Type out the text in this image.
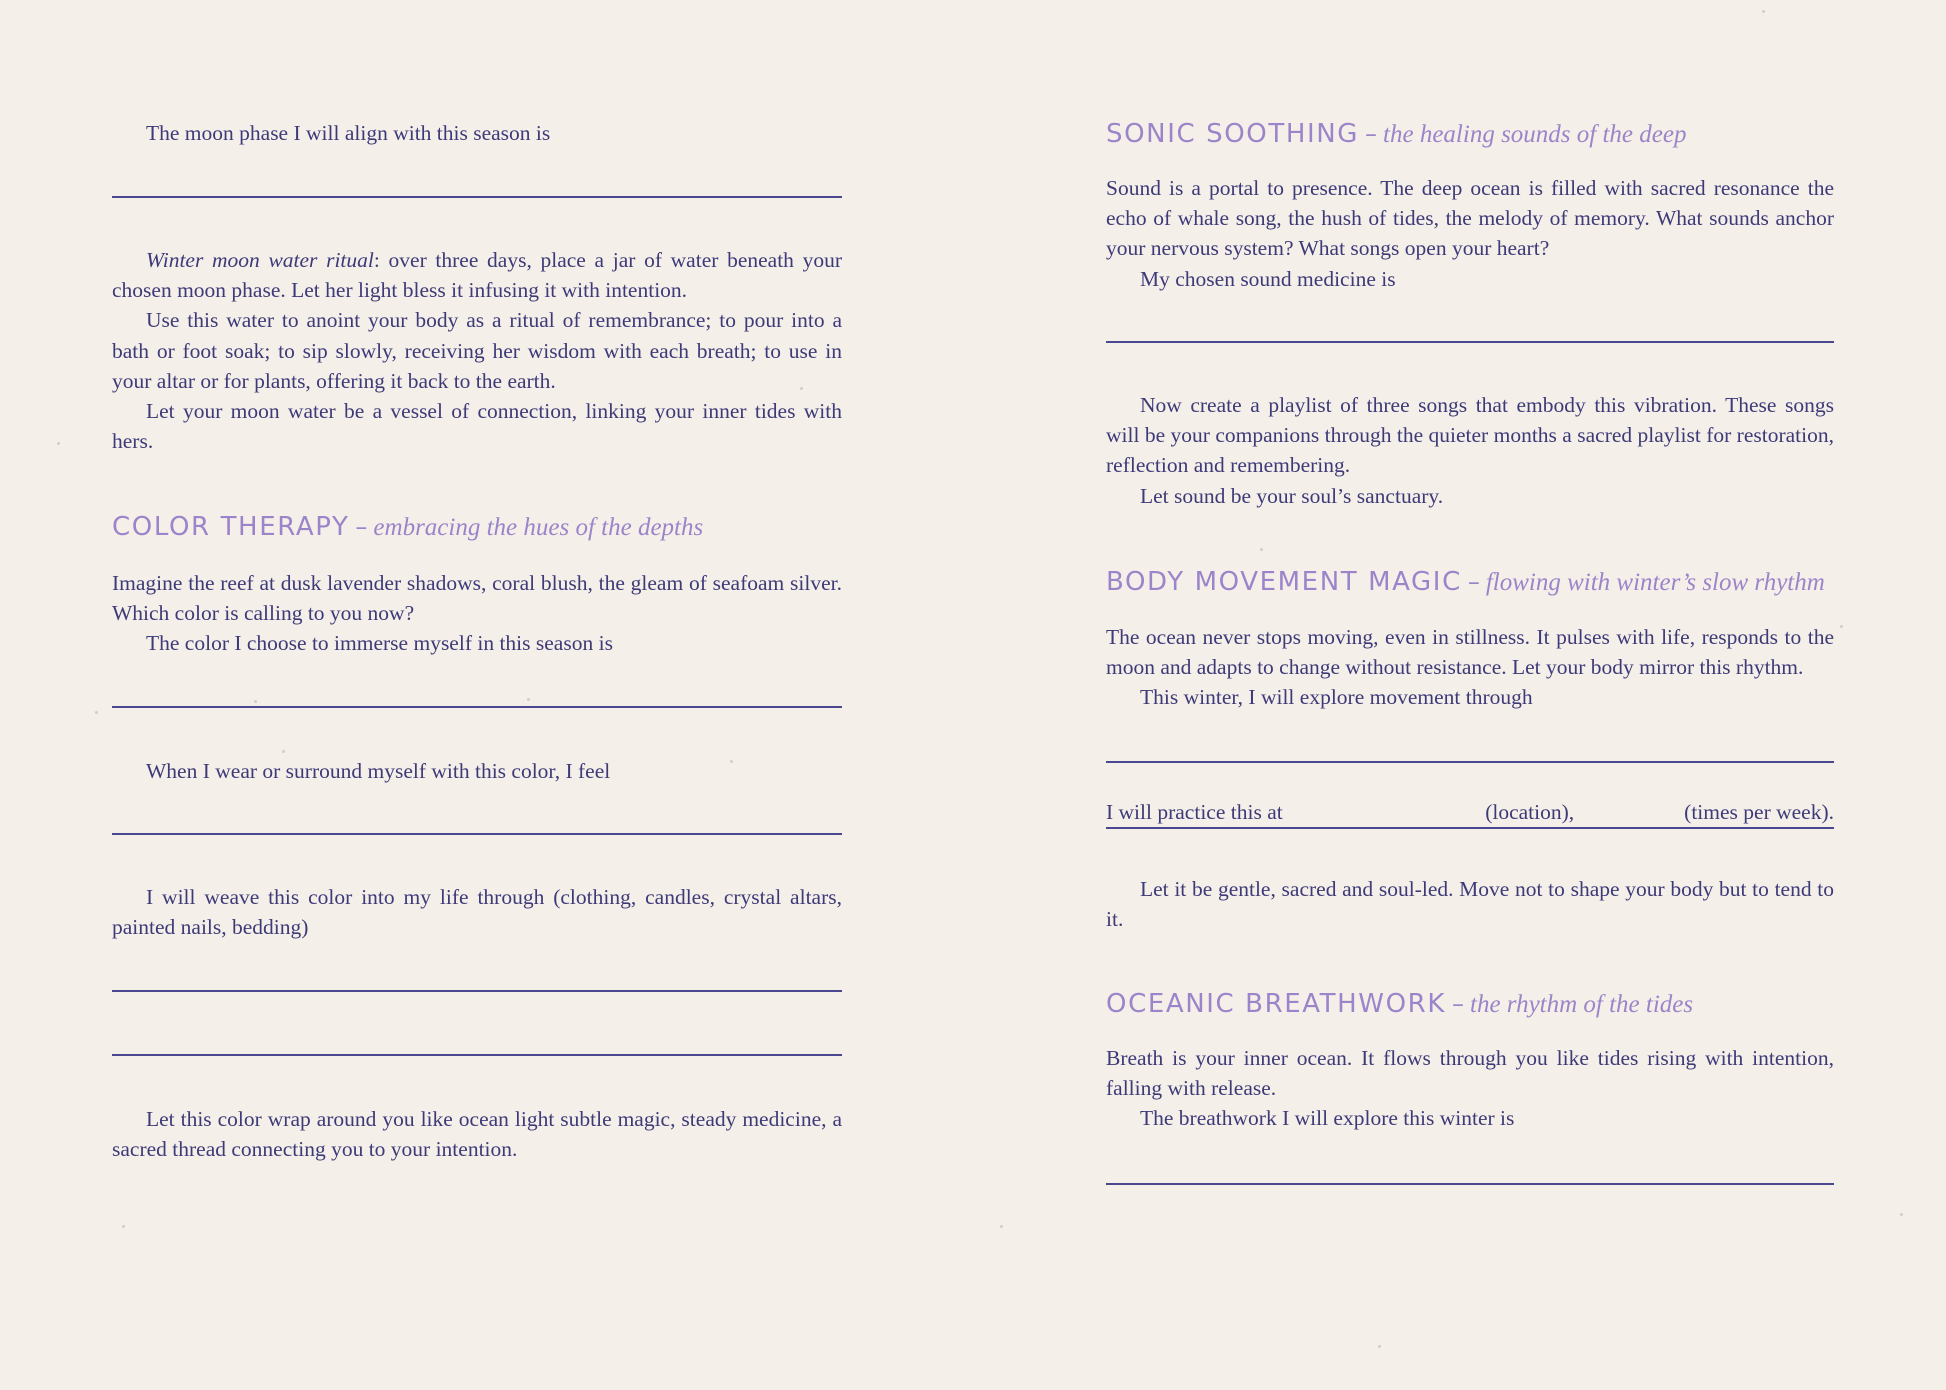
The moon phase I will align with this season is

Winter moon water ritual: over three days, place a jar of water beneath your chosen moon phase. Let her light bless it infusing it with intention.

Use this water to anoint your body as a ritual of remembrance; to pour into a bath or foot soak; to sip slowly, receiving her wisdom with each breath; to use in your altar or for plants, offering it back to the earth.

Let your moon water be a vessel of connection, linking your inner tides with hers.

COLOR THERAPY – embracing the hues of the depths

Imagine the reef at dusk lavender shadows, coral blush, the gleam of seafoam silver. Which color is calling to you now?

The color I choose to immerse myself in this season is

When I wear or surround myself with this color, I feel

I will weave this color into my life through (clothing, candles, crystal altars, painted nails, bedding)

Let this color wrap around you like ocean light subtle magic, steady medicine, a sacred thread connecting you to your intention.

SONIC SOOTHING – the healing sounds of the deep

Sound is a portal to presence. The deep ocean is filled with sacred resonance the echo of whale song, the hush of tides, the melody of memory. What sounds anchor your nervous system? What songs open your heart?

My chosen sound medicine is

Now create a playlist of three songs that embody this vibration. These songs will be your companions through the quieter months a sacred playlist for restoration, reflection and remembering.

Let sound be your soul’s sanctuary.

BODY MOVEMENT MAGIC – flowing with winter’s slow rhythm

The ocean never stops moving, even in stillness. It pulses with life, responds to the moon and adapts to change without resistance. Let your body mirror this rhythm.

This winter, I will explore movement through

I will practice this at	(location),	(times per week).

Let it be gentle, sacred and soul-led. Move not to shape your body but to tend to it.

OCEANIC BREATHWORK – the rhythm of the tides

Breath is your inner ocean. It flows through you like tides rising with intention, falling with release.

The breathwork I will explore this winter is
